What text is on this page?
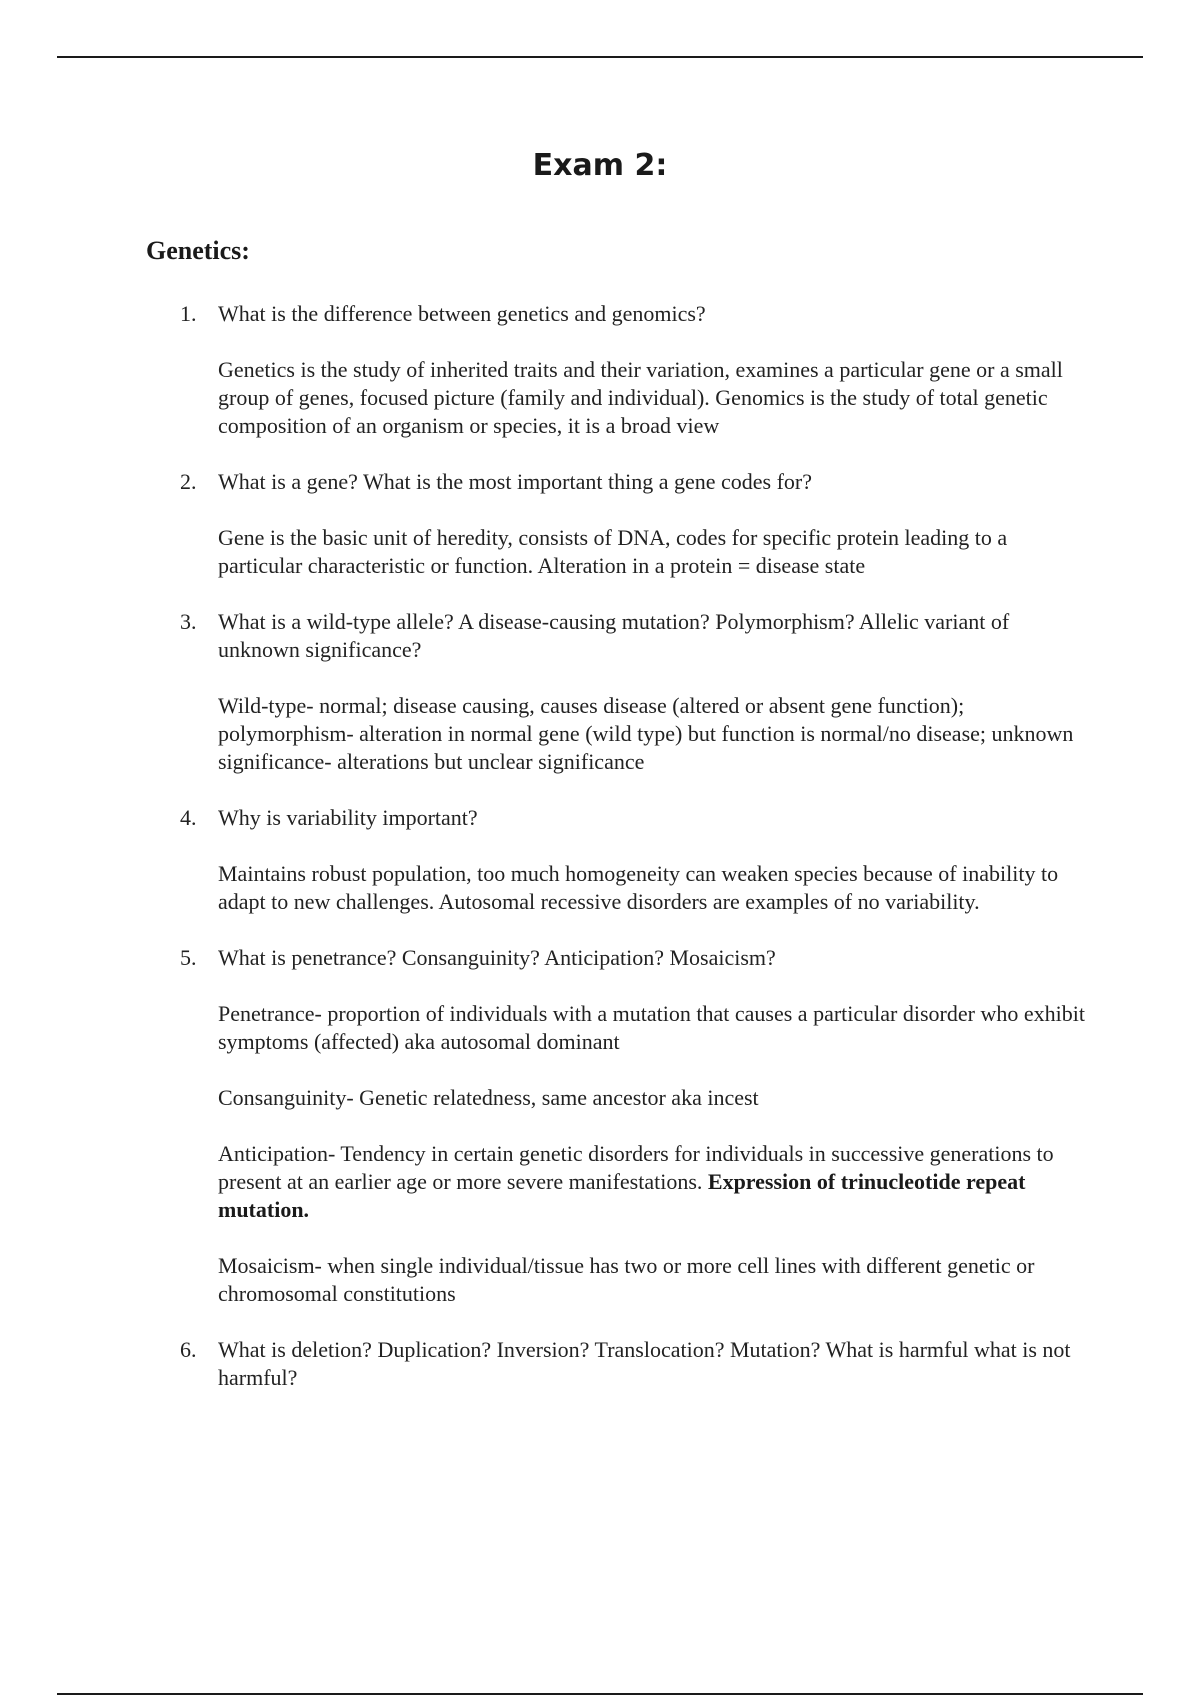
Exam 2:
Genetics:
1. What is the difference between genetics and genomics?

Genetics is the study of inherited traits and their variation, examines a particular gene or a small group of genes, focused picture (family and individual). Genomics is the study of total genetic composition of an organism or species, it is a broad view

2. What is a gene? What is the most important thing a gene codes for?

Gene is the basic unit of heredity, consists of DNA, codes for specific protein leading to a particular characteristic or function. Alteration in a protein = disease state

3. What is a wild-type allele? A disease-causing mutation? Polymorphism? Allelic variant of unknown significance?

Wild-type- normal; disease causing, causes disease (altered or absent gene function); polymorphism- alteration in normal gene (wild type) but function is normal/no disease; unknown significance- alterations but unclear significance

4. Why is variability important?

Maintains robust population, too much homogeneity can weaken species because of inability to adapt to new challenges. Autosomal recessive disorders are examples of no variability.

5. What is penetrance? Consanguinity? Anticipation? Mosaicism?

Penetrance- proportion of individuals with a mutation that causes a particular disorder who exhibit symptoms (affected) aka autosomal dominant

Consanguinity- Genetic relatedness, same ancestor aka incest

Anticipation- Tendency in certain genetic disorders for individuals in successive generations to present at an earlier age or more severe manifestations. Expression of trinucleotide repeat mutation.

Mosaicism- when single individual/tissue has two or more cell lines with different genetic or chromosomal constitutions

6. What is deletion? Duplication? Inversion? Translocation? Mutation? What is harmful what is not harmful?
